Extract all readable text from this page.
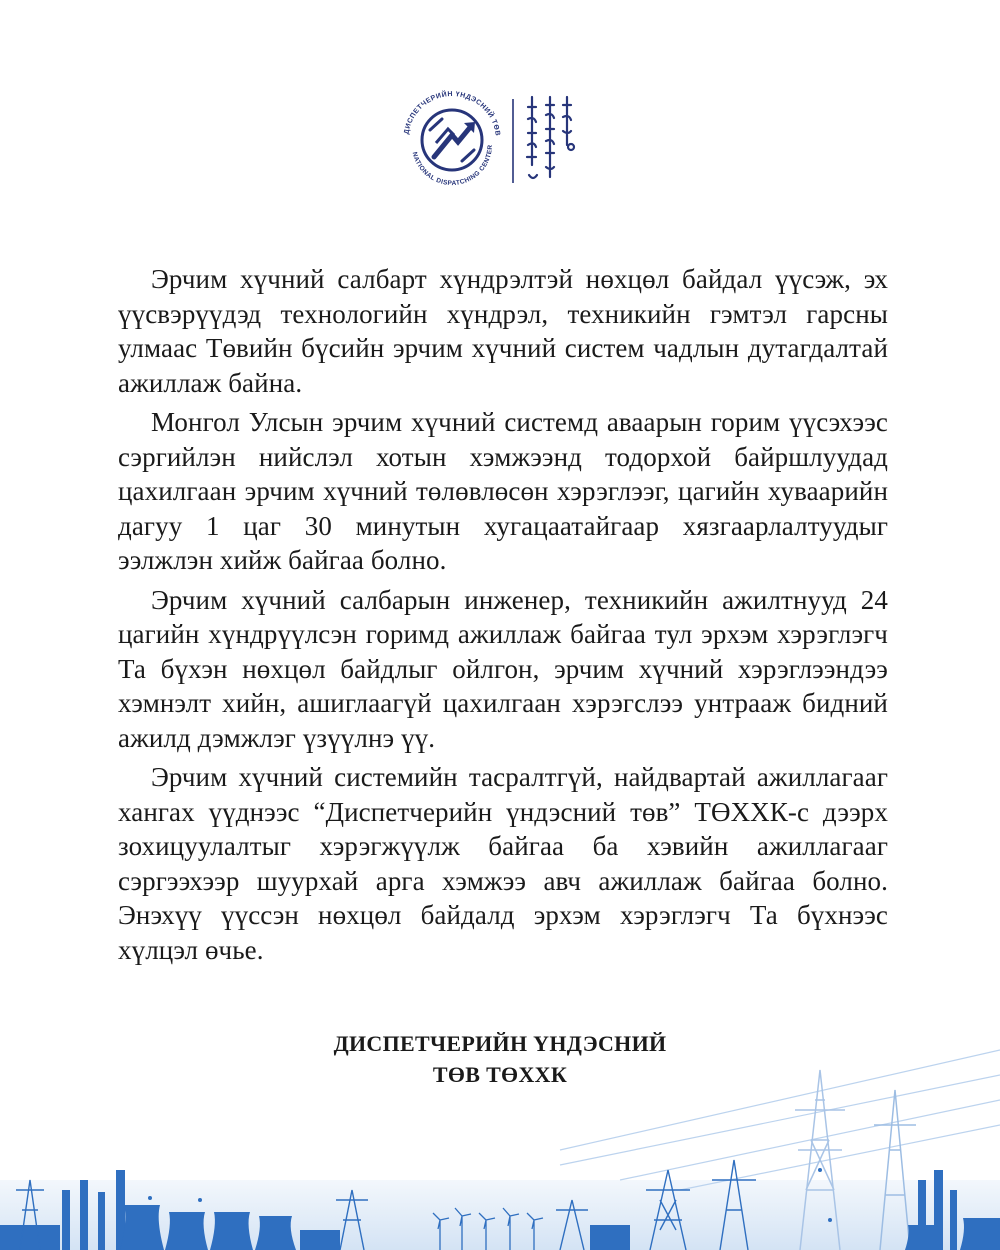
ДИСПЕТЧЕРИЙН ҮНДЭСНИЙ ТӨВ
NATIONAL DISPATCHING CENTER

Эрчим хүчний салбарт хүндрэлтэй нөхцөл байдал үүсэж, эх үүсвэрүүдэд технологийн хүндрэл, техникийн гэмтэл гарсны улмаас Төвийн бүсийн эрчим хүчний систем чадлын дутагдалтай ажиллаж байна.

Монгол Улсын эрчим хүчний системд аваарын горим үүсэхээс сэргийлэн нийслэл хотын хэмжээнд тодорхой байршлуудад цахилгаан эрчим хүчний төлөвлөсөн хэрэглээг, цагийн хуваарийн дагуу 1 цаг 30 минутын хугацаатайгаар хязгаарлалтуудыг ээлжлэн хийж байгаа болно.

Эрчим хүчний салбарын инженер, техникийн ажилтнууд 24 цагийн хүндрүүлсэн горимд ажиллаж байгаа тул эрхэм хэрэглэгч Та бүхэн нөхцөл байдлыг ойлгон, эрчим хүчний хэрэглээндээ хэмнэлт хийн, ашиглаагүй цахилгаан хэрэгслээ унтрааж бидний ажилд дэмжлэг үзүүлнэ үү.

Эрчим хүчний системийн тасралтгүй, найдвартай ажиллагааг хангах үүднээс “Диспетчерийн үндэсний төв” ТӨХХК-с дээрх зохицуулалтыг хэрэгжүүлж байгаа ба хэвийн ажиллагааг сэргээхээр шуурхай арга хэмжээ авч ажиллаж байгаа болно. Энэхүү үүссэн нөхцөл байдалд эрхэм хэрэглэгч Та бүхнээс хүлцэл өчье.

ДИСПЕТЧЕРИЙН ҮНДЭСНИЙ
ТӨВ ТӨХХК
